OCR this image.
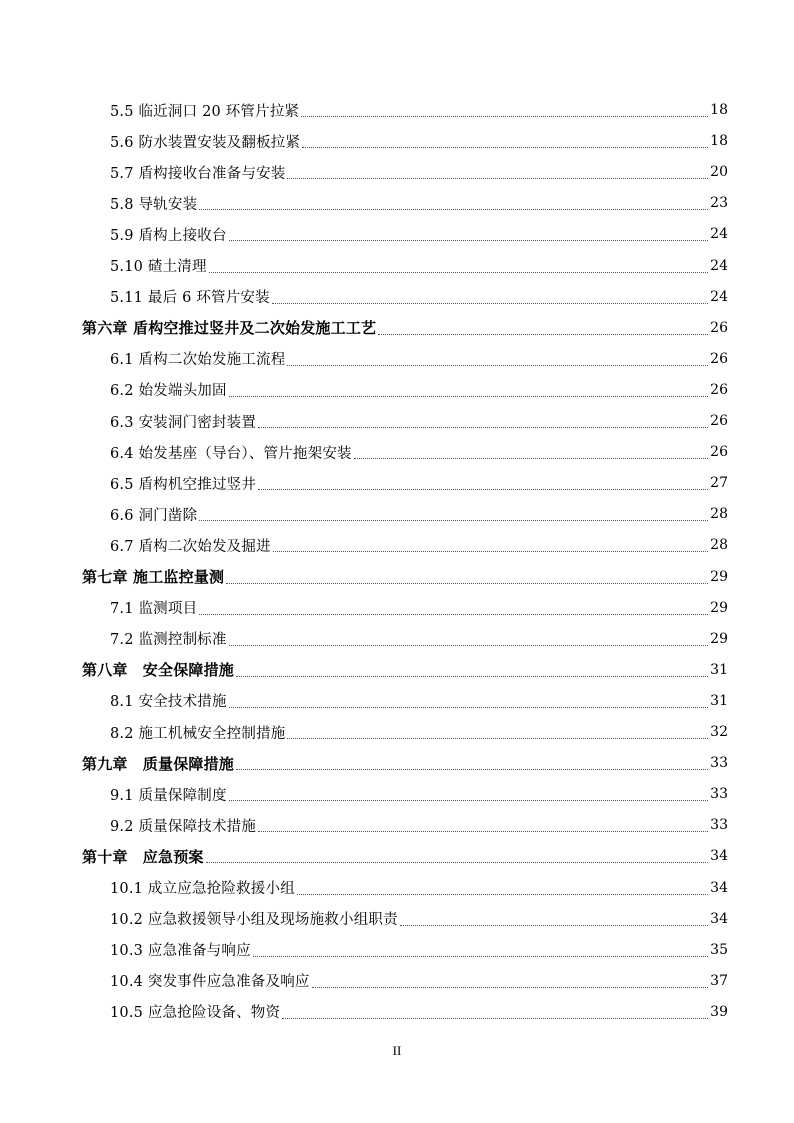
5.5 临近洞口 20 环管片拉紧	18
5.6 防水装置安装及翻板拉紧	18
5.7 盾构接收台准备与安装	20
5.8 导轨安装	23
5.9 盾构上接收台	24
5.10 碴土清理	24
5.11 最后 6 环管片安装	24
第六章 盾构空推过竖井及二次始发施工工艺	26
6.1 盾构二次始发施工流程	26
6.2 始发端头加固	26
6.3 安装洞门密封装置	26
6.4 始发基座（导台）、管片拖架安装	26
6.5 盾构机空推过竖井	27
6.6 洞门凿除	28
6.7 盾构二次始发及掘进	28
第七章 施工监控量测	29
7.1 监测项目	29
7.2 监测控制标准	29
第八章　安全保障措施	31
8.1 安全技术措施	31
8.2 施工机械安全控制措施	32
第九章　质量保障措施	33
9.1 质量保障制度	33
9.2 质量保障技术措施	33
第十章　应急预案	34
10.1 成立应急抢险救援小组	34
10.2 应急救援领导小组及现场施救小组职责	34
10.3 应急准备与响应	35
10.4 突发事件应急准备及响应	37
10.5 应急抢险设备、物资	39
II
